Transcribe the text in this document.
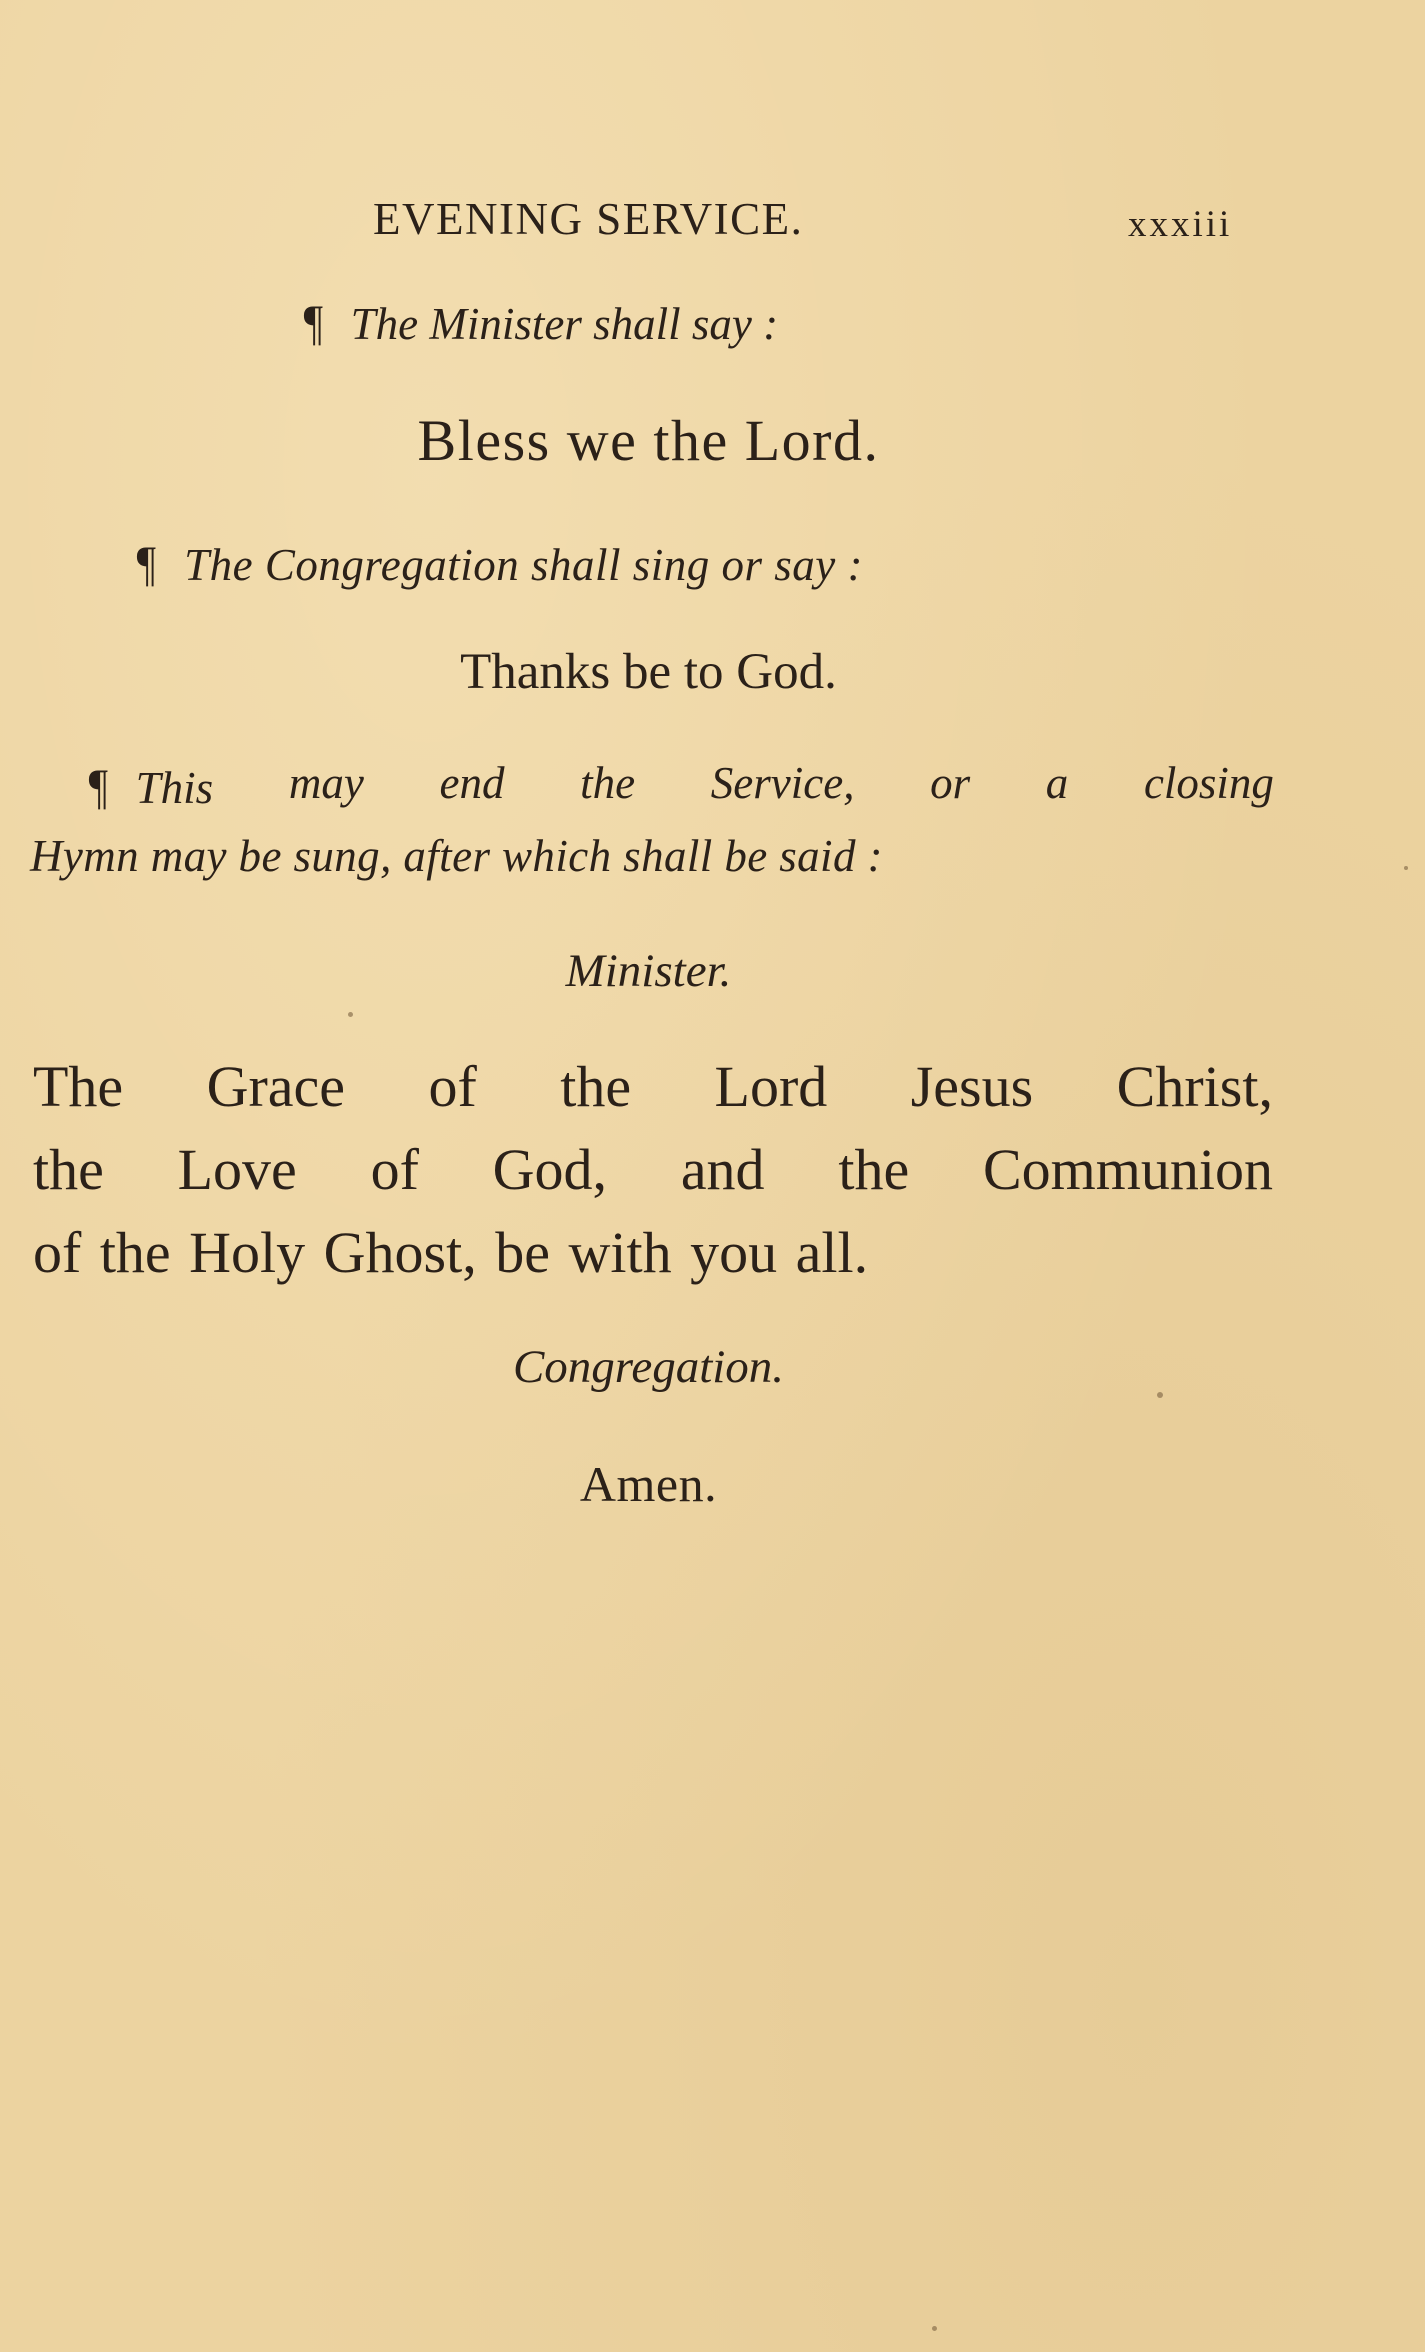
EVENING SERVICE.	xxxiii
¶ The Minister shall say :
Bless we the Lord.
¶ The Congregation shall sing or say :
Thanks be to God.
¶ This may end the Service, or a closing
Hymn may be sung, after which shall be said :
Minister.
The Grace of the Lord Jesus Christ,
the Love of God, and the Communion
of the Holy Ghost, be with you all.
Congregation.
Amen.
